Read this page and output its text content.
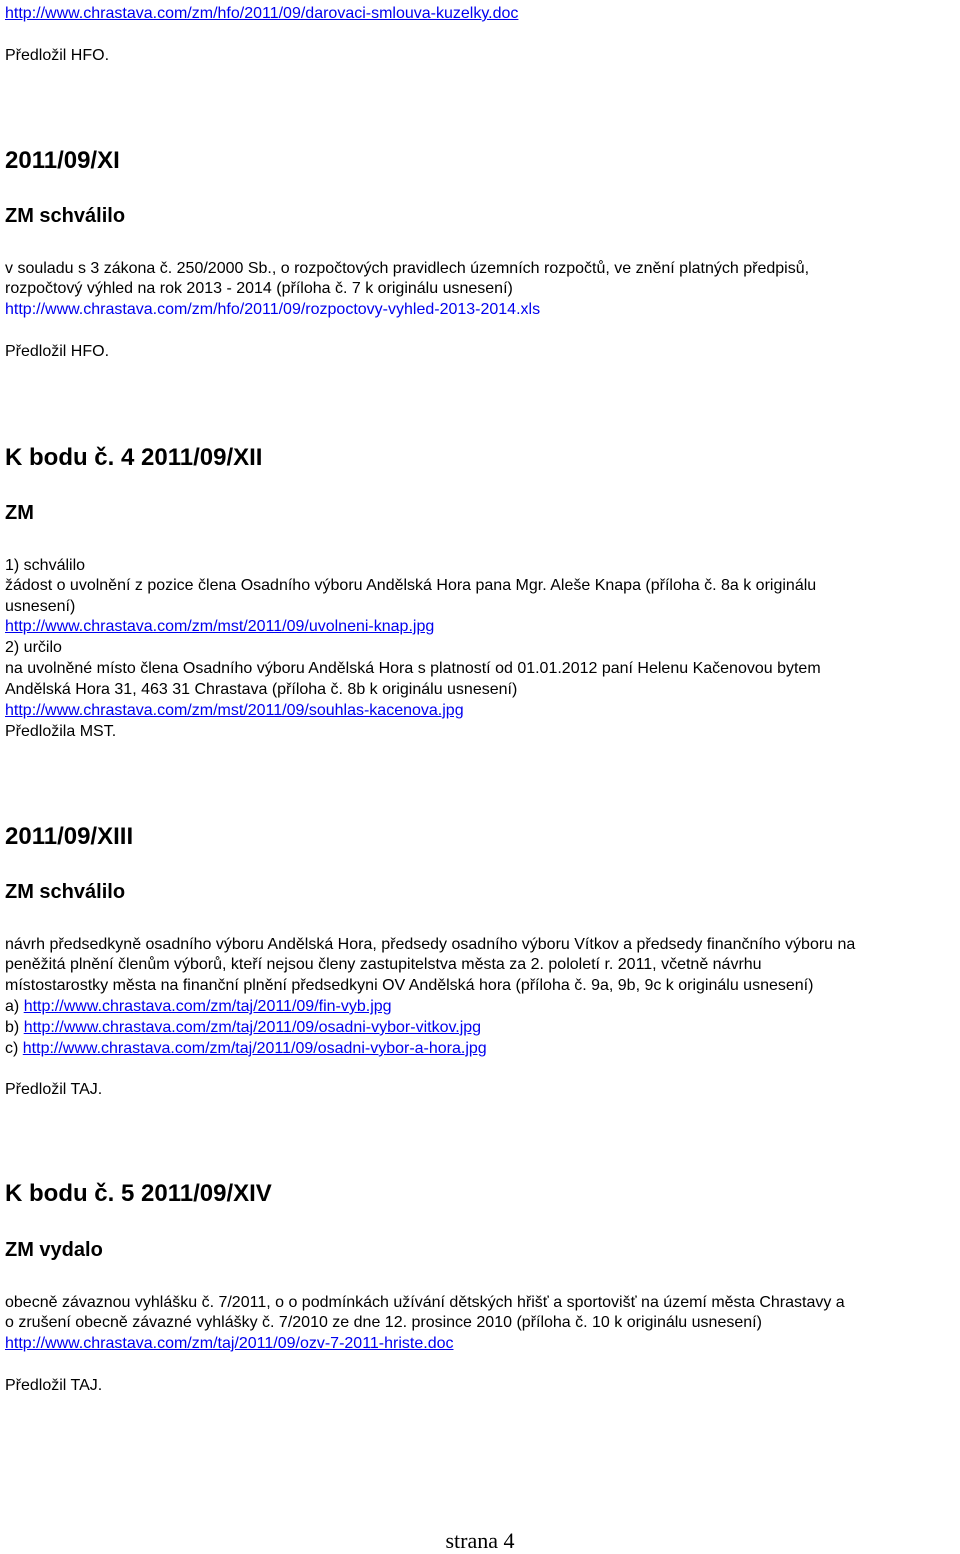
http://www.chrastava.com/zm/hfo/2011/09/darovaci-smlouva-kuzelky.doc
Předložil HFO.
2011/09/XI
ZM schválilo
v souladu s 3 zákona č. 250/2000 Sb., o rozpočtových pravidlech územních rozpočtů, ve znění platných předpisů,
rozpočtový výhled na rok 2013 - 2014 (příloha č. 7 k originálu usnesení)
http://www.chrastava.com/zm/hfo/2011/09/rozpoctovy-vyhled-2013-2014.xls
Předložil HFO.
K bodu č. 4 2011/09/XII
ZM
1) schválilo
žádost o uvolnění z pozice člena Osadního výboru Andělská Hora pana Mgr. Aleše Knapa (příloha č. 8a k originálu
usnesení)
http://www.chrastava.com/zm/mst/2011/09/uvolneni-knap.jpg
2) určilo
na uvolněné místo člena Osadního výboru Andělská Hora s platností od 01.01.2012 paní Helenu Kačenovou bytem
Andělská Hora 31, 463 31 Chrastava (příloha č. 8b k originálu usnesení)
http://www.chrastava.com/zm/mst/2011/09/souhlas-kacenova.jpg
Předložila MST.
2011/09/XIII
ZM schválilo
návrh předsedkyně osadního výboru Andělská Hora, předsedy osadního výboru Vítkov a předsedy finančního výboru na
peněžitá plnění členům výborů, kteří nejsou členy zastupitelstva města za 2. pololetí r. 2011, včetně návrhu
místostarostky města na finanční plnění předsedkyni OV Andělská hora (příloha č. 9a, 9b, 9c k originálu usnesení)
a) http://www.chrastava.com/zm/taj/2011/09/fin-vyb.jpg
b) http://www.chrastava.com/zm/taj/2011/09/osadni-vybor-vitkov.jpg
c) http://www.chrastava.com/zm/taj/2011/09/osadni-vybor-a-hora.jpg
Předložil TAJ.
K bodu č. 5 2011/09/XIV
ZM vydalo
obecně závaznou vyhlášku č. 7/2011, o o podmínkách užívání dětských hřišť a sportovišť na území města Chrastavy a
o zrušení obecně závazné vyhlášky č. 7/2010 ze dne 12. prosince 2010 (příloha č. 10 k originálu usnesení)
http://www.chrastava.com/zm/taj/2011/09/ozv-7-2011-hriste.doc
Předložil TAJ.
strana 4
